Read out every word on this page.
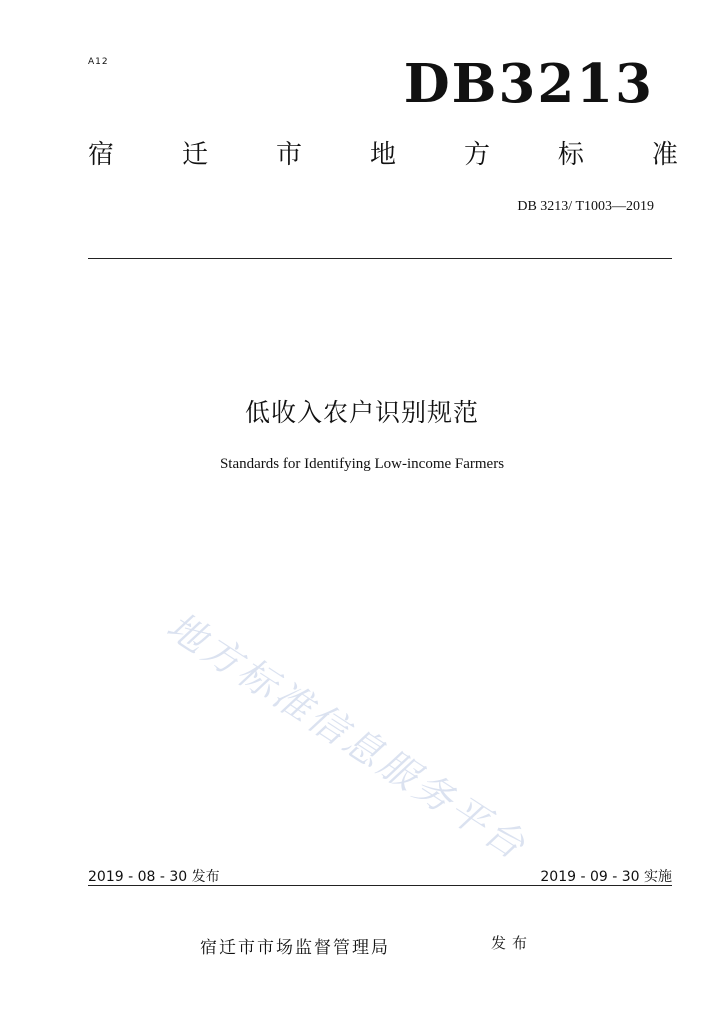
A12	DB3213
宿	迁	市	地	方	标	准
DB 3213/ T1003—2019
低收入农户识别规范
Standards for Identifying Low-income Farmers
地方标准信息服务平台
2019 - 08 - 30 发布	2019 - 09 - 30 实施
宿迁市市场监督管理局	发布
